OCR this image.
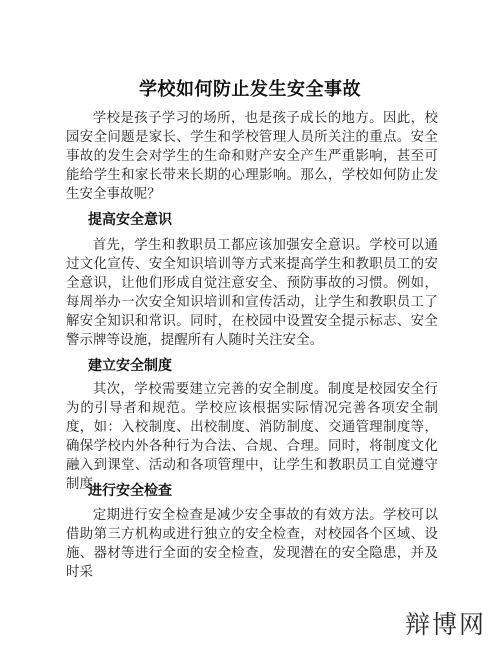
学校如何防止发生安全事故

学校是孩子学习的场所，也是孩子成长的地方。因此，校园安全问题是家长、学生和学校管理人员所关注的重点。安全事故的发生会对学生的生命和财产安全产生严重影响，甚至可能给学生和家长带来长期的心理影响。那么，学校如何防止发生安全事故呢？

提高安全意识

首先，学生和教职员工都应该加强安全意识。学校可以通过文化宣传、安全知识培训等方式来提高学生和教职员工的安全意识，让他们形成自觉注意安全、预防事故的习惯。例如，每周举办一次安全知识培训和宣传活动，让学生和教职员工了解安全知识和常识。同时，在校园中设置安全提示标志、安全警示牌等设施，提醒所有人随时关注安全。

建立安全制度

其次，学校需要建立完善的安全制度。制度是校园安全行为的引导者和规范。学校应该根据实际情况完善各项安全制度，如：入校制度、出校制度、消防制度、交通管理制度等，确保学校内外各种行为合法、合规、合理。同时，将制度文化融入到课堂、活动和各项管理中，让学生和教职员工自觉遵守制度。

进行安全检查

定期进行安全检查是减少安全事故的有效方法。学校可以借助第三方机构或进行独立的安全检查，对校园各个区域、设施、器材等进行全面的安全检查，发现潜在的安全隐患，并及时采

辩博网
